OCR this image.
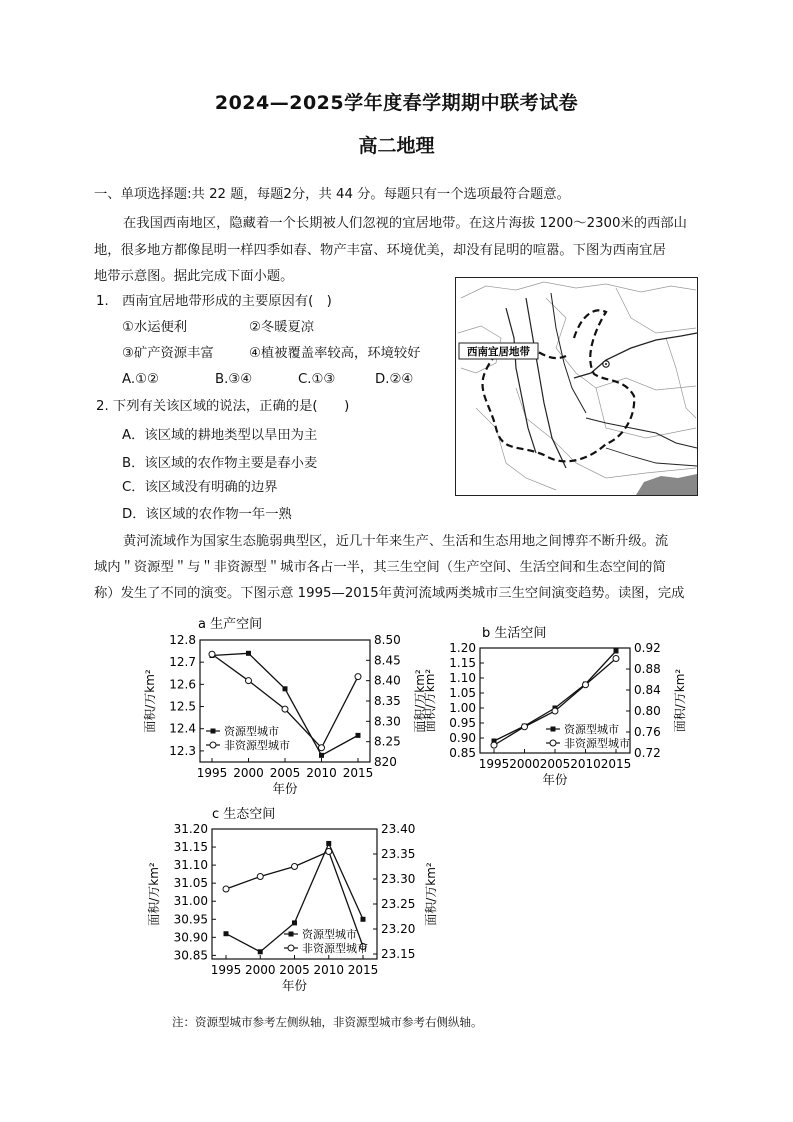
2024—2025学年度春学期期中联考试卷
高二地理
一、单项选择题:共 22 题，每题2分，共 44 分。每题只有一个选项最符合题意。
在我国西南地区，隐藏着一个长期被人们忽视的宜居地带。在这片海拔 1200～2300米的西部山
地，很多地方都像昆明一样四季如春、物产丰富、环境优美，却没有昆明的喧嚣。下图为西南宜居
地带示意图。据此完成下面小题。
1.　西南宜居地带形成的主要原因有(　)
①水运便利	②冬暖夏凉
③矿产资源丰富	④植被覆盖率较高，环境较好
A.①②	B.③④	C.①③	D.②④
2. 下列有关该区域的说法，正确的是(　　)
A．该区域的耕地类型以旱田为主
B．该区域的农作物主要是春小麦
C．该区域没有明确的边界
D．该区域的农作物一年一熟
西南宜居地带
黄河流域作为国家生态脆弱典型区，近几十年来生产、生活和生态用地之间博弈不断升级。流
域内＂资源型＂与＂非资源型＂城市各占一半，其三生空间（生产空间、生活空间和生态空间的简
称）发生了不同的演变。下图示意 1995—2015年黄河流域两类城市三生空间演变趋势。读图，完成
a 生产空间
1995 2000 2005 2010 2015
12.8
12.7
12.6
12.5
12.4
12.3
8.50
8.45
8.40
8.35
8.30
8.25
820
面积/万km²	面积/万km²
年份
资源型城市
非资源型城市
b 生活空间
1995 2000 2005 2010 2015
1.20
1.15
1.10
1.05
1.00
0.95
0.90
0.85
0.92
0.88
0.84
0.80
0.76
0.72
面积/万km²	面积/万km²
年份
资源型城市
非资源型城市
c 生态空间
1995 2000 2005 2010 2015
31.20
31.15
31.10
31.05
31.00
30.95
30.90
30.85
23.40
23.35
23.30
23.25
23.20
23.15
面积/万km²	面积/万km²
年份
资源型城市
非资源型城市
注：资源型城市参考左侧纵轴，非资源型城市参考右侧纵轴。
